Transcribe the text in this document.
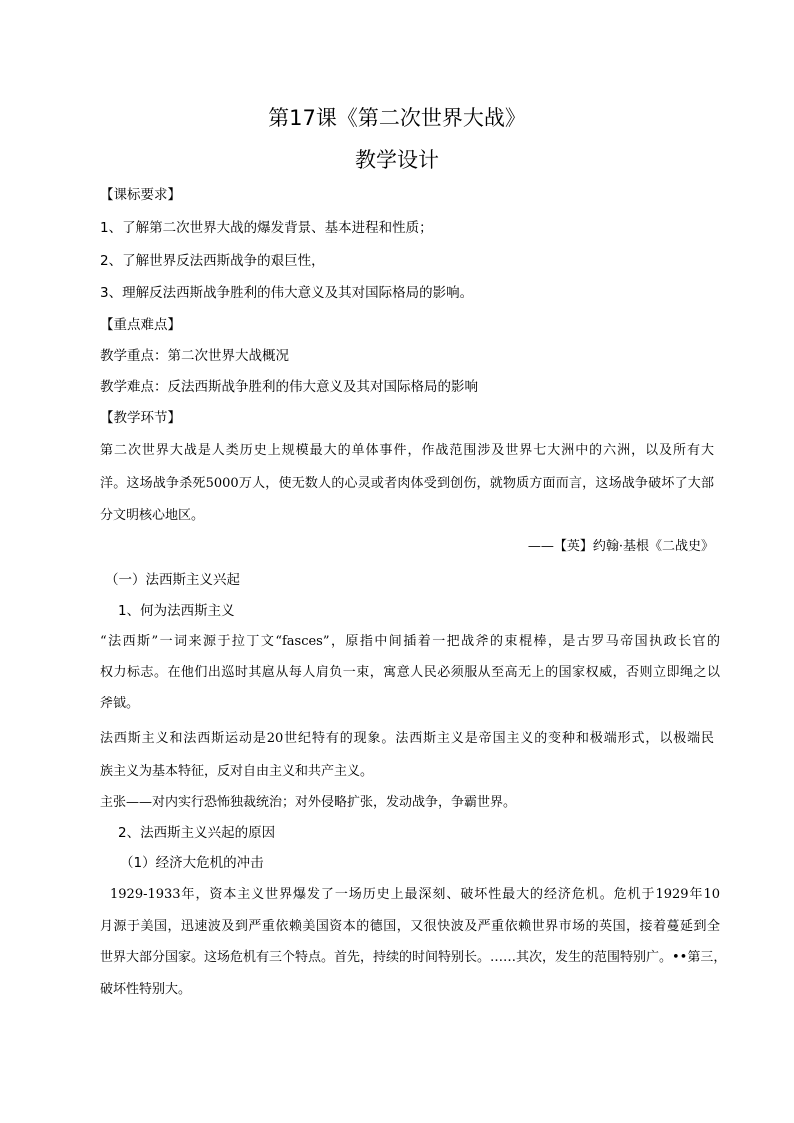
第17课《第二次世界大战》
教学设计
【课标要求】
1、了解第二次世界大战的爆发背景、基本进程和性质；
2、了解世界反法西斯战争的艰巨性，
3、理解反法西斯战争胜利的伟大意义及其对国际格局的影响。
【重点难点】
教学重点：第二次世界大战概况
教学难点：反法西斯战争胜利的伟大意义及其对国际格局的影响
【教学环节】
第二次世界大战是人类历史上规模最大的单体事件，作战范围涉及世界七大洲中的六洲，以及所有大
洋。这场战争杀死5000万人，使无数人的心灵或者肉体受到创伤，就物质方面而言，这场战争破坏了大部
分文明核心地区。
——【英】约翰·基根《二战史》
（一）法西斯主义兴起
1、何为法西斯主义
“法西斯”一词来源于拉丁文“fasces”，原指中间插着一把战斧的束棍棒，是古罗马帝国执政长官的
权力标志。在他们出巡时其扈从每人肩负一束，寓意人民必须服从至高无上的国家权威，否则立即绳之以
斧钺。
法西斯主义和法西斯运动是20世纪特有的现象。法西斯主义是帝国主义的变种和极端形式，以极端民
族主义为基本特征，反对自由主义和共产主义。
主张——对内实行恐怖独裁统治；对外侵略扩张，发动战争，争霸世界。
2、法西斯主义兴起的原因
（1）经济大危机的冲击
1929-1933年，资本主义世界爆发了一场历史上最深刻、破坏性最大的经济危机。危机于1929年10
月源于美国，迅速波及到严重依赖美国资本的德国，又很快波及严重依赖世界市场的英国，接着蔓延到全
世界大部分国家。这场危机有三个特点。首先，持续的时间特别长。……其次，发生的范围特别广。••第三，
破坏性特别大。
